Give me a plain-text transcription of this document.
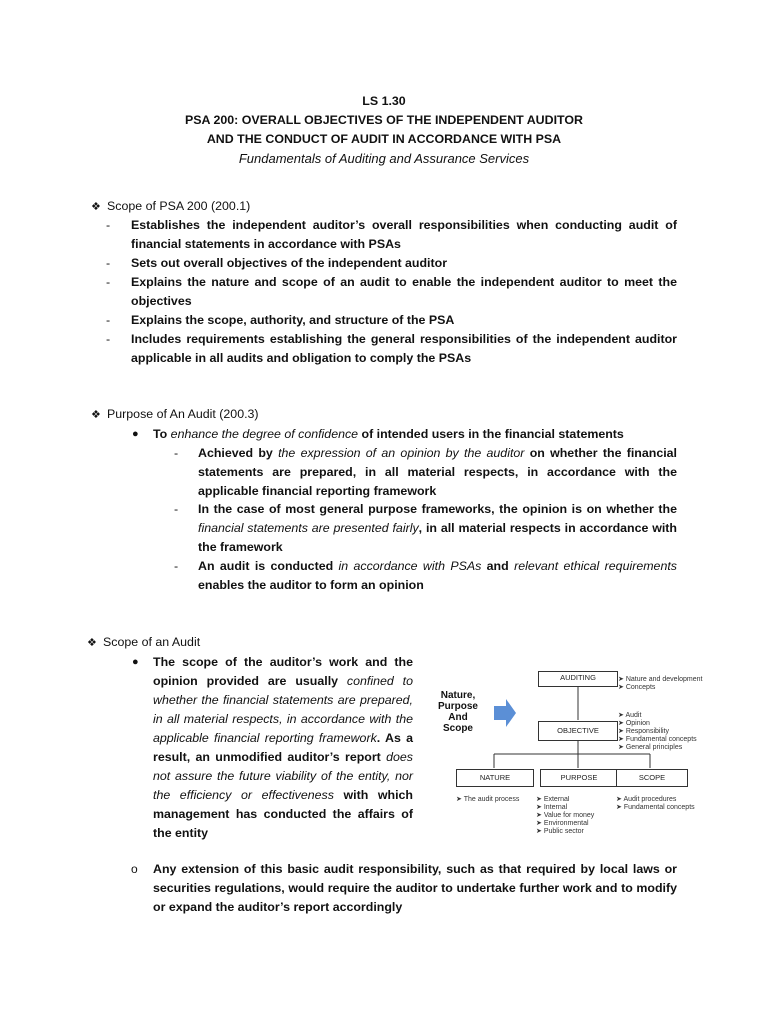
LS 1.30
PSA 200: OVERALL OBJECTIVES OF THE INDEPENDENT AUDITOR
AND THE CONDUCT OF AUDIT IN ACCORDANCE WITH PSA
Fundamentals of Auditing and Assurance Services
❖ Scope of PSA 200 (200.1)
-	Establishes the independent auditor’s overall responsibilities when conducting audit of financial statements in accordance with PSAs
-	Sets out overall objectives of the independent auditor
-	Explains the nature and scope of an audit to enable the independent auditor to meet the objectives
-	Explains the scope, authority, and structure of the PSA
-	Includes requirements establishing the general responsibilities of the independent auditor applicable in all audits and obligation to comply the PSAs
❖ Purpose of An Audit (200.3)
● To enhance the degree of confidence of intended users in the financial statements
-	Achieved by the expression of an opinion by the auditor on whether the financial statements are prepared, in all material respects, in accordance with the applicable financial reporting framework
-	In the case of most general purpose frameworks, the opinion is on whether the financial statements are presented fairly, in all material respects in accordance with the framework
-	An audit is conducted in accordance with PSAs and relevant ethical requirements enables the auditor to form an opinion
❖ Scope of an Audit
● The scope of the auditor’s work and the opinion provided are usually confined to whether the financial statements are prepared, in all material respects, in accordance with the applicable financial reporting framework. As a result, an unmodified auditor’s report does not assure the future viability of the entity, nor the efficiency or effectiveness with which management has conducted the affairs of the entity
o Any extension of this basic audit responsibility, such as that required by local laws or securities regulations, would require the auditor to undertake further work and to modify or expand the auditor’s report accordingly
Nature,
Purpose
And
Scope
AUDITING	➤ Nature and development
➤ Concepts
OBJECTIVE
➤ Audit
➤ Opinion
➤ Responsibility
➤ Fundamental concepts
➤ General principles
NATURE	PURPOSE	SCOPE
➤ The audit process	➤ External
➤ Internal
➤ Value for money
➤ Environmental
➤ Public sector
➤ Audit procedures
➤ Fundamental concepts
